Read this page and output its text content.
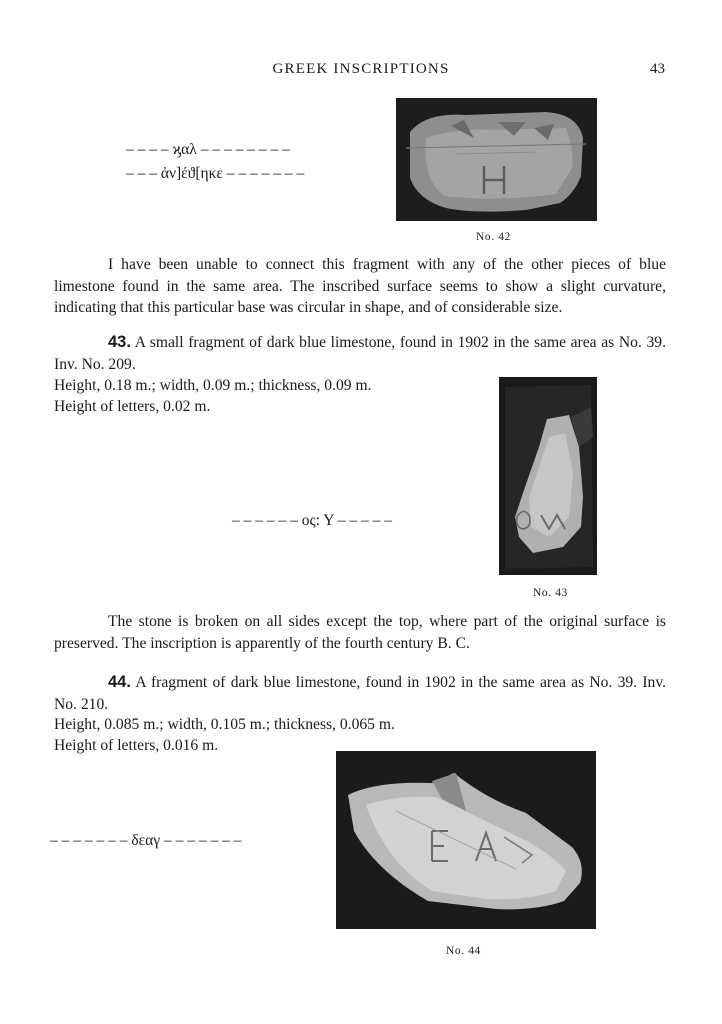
GREEK INSCRIPTIONS	43
– – – – ϗαλ – – – – – – – –
– – – ἀν]έϑ[ηκε – – – – – – –
No. 42
I have been unable to connect this fragment with any of the other pieces of blue limestone found in the same area. The inscribed surface seems to show a slight curvature, indicating that this particular base was circular in shape, and of considerable size.
43. A small fragment of dark blue limestone, found in 1902 in the same area as No. 39. Inv. No. 209.
Height, 0.18 m.; width, 0.09 m.; thickness, 0.09 m.
Height of letters, 0.02 m.
– – – – – – ος: Υ – – – – –
No. 43
The stone is broken on all sides except the top, where part of the original surface is preserved. The inscription is apparently of the fourth century B. C.
44. A fragment of dark blue limestone, found in 1902 in the same area as No. 39. Inv. No. 210.
Height, 0.085 m.; width, 0.105 m.; thickness, 0.065 m.
Height of letters, 0.016 m.
– – – – – – – δεαγ – – – – – – –
No. 44
